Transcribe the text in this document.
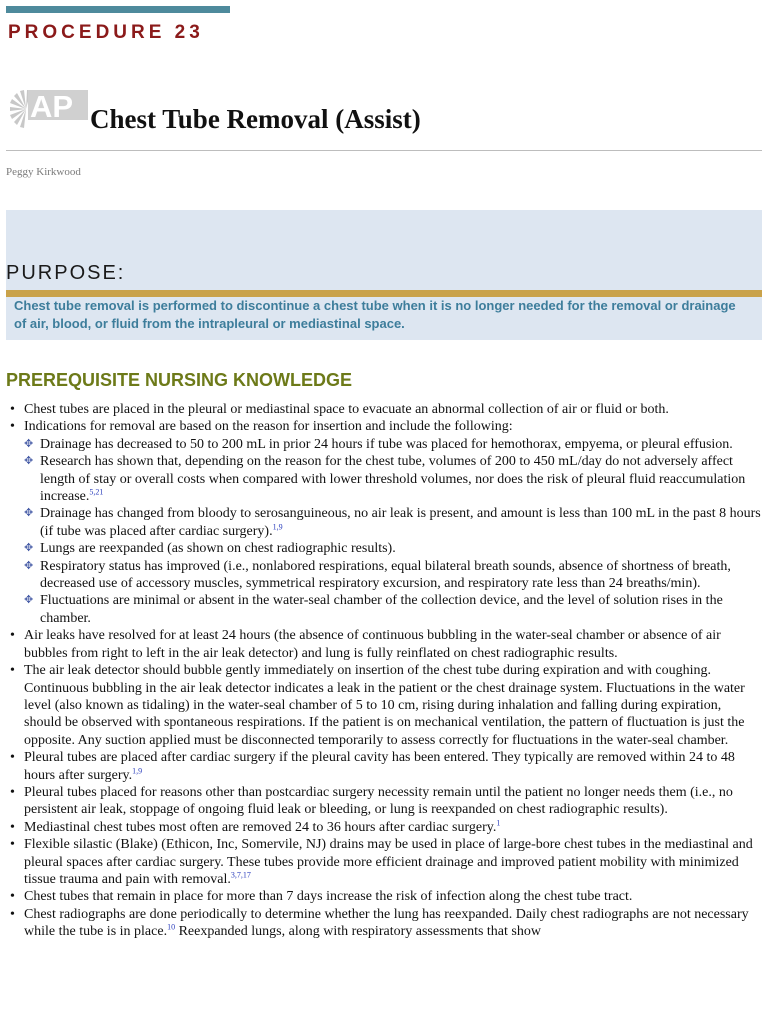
PROCEDURE 23
AP Chest Tube Removal (Assist)
Peggy Kirkwood
PURPOSE:

Chest tube removal is performed to discontinue a chest tube when it is no longer needed for the removal or drainage of air, blood, or fluid from the intrapleural or mediastinal space.

PREREQUISITE NURSING KNOWLEDGE
• Chest tubes are placed in the pleural or mediastinal space to evacuate an abnormal collection of air or fluid or both.
• Indications for removal are based on the reason for insertion and include the following:
✥ Drainage has decreased to 50 to 200 mL in prior 24 hours if tube was placed for hemothorax, empyema, or pleural effusion.
✥ Research has shown that, depending on the reason for the chest tube, volumes of 200 to 450 mL/day do not adversely affect length of stay or overall costs when compared with lower threshold volumes, nor does the risk of pleural fluid reaccumulation increase.$^{5,21}$
✥ Drainage has changed from bloody to serosanguineous, no air leak is present, and amount is less than 100 mL in the past 8 hours (if tube was placed after cardiac surgery).$^{1,9}$
✥ Lungs are reexpanded (as shown on chest radiographic results).
✥ Respiratory status has improved (i.e., nonlabored respirations, equal bilateral breath sounds, absence of shortness of breath, decreased use of accessory muscles, symmetrical respiratory excursion, and respiratory rate less than 24 breaths/min).
✥ Fluctuations are minimal or absent in the water-seal chamber of the collection device, and the level of solution rises in the chamber.
• Air leaks have resolved for at least 24 hours (the absence of continuous bubbling in the water-seal chamber or absence of air bubbles from right to left in the air leak detector) and lung is fully reinflated on chest radiographic results.
• The air leak detector should bubble gently immediately on insertion of the chest tube during expiration and with coughing. Continuous bubbling in the air leak detector indicates a leak in the patient or the chest drainage system. Fluctuations in the water level (also known as tidaling) in the water-seal chamber of 5 to 10 cm, rising during inhalation and falling during expiration, should be observed with spontaneous respirations. If the patient is on mechanical ventilation, the pattern of fluctuation is just the opposite. Any suction applied must be disconnected temporarily to assess correctly for fluctuations in the water-seal chamber.
• Pleural tubes are placed after cardiac surgery if the pleural cavity has been entered. They typically are removed within 24 to 48 hours after surgery.$^{1,9}$
• Pleural tubes placed for reasons other than postcardiac surgery necessity remain until the patient no longer needs them (i.e., no persistent air leak, stoppage of ongoing fluid leak or bleeding, or lung is reexpanded on chest radiographic results).
• Mediastinal chest tubes most often are removed 24 to 36 hours after cardiac surgery.$^1$
• Flexible silastic (Blake) (Ethicon, Inc, Somervile, NJ) drains may be used in place of large-bore chest tubes in the mediastinal and pleural spaces after cardiac surgery. These tubes provide more efficient drainage and improved patient mobility with minimized tissue trauma and pain with removal.$^{3,7,17}$
• Chest tubes that remain in place for more than 7 days increase the risk of infection along the chest tube tract.
• Chest radiographs are done periodically to determine whether the lung has reexpanded. Daily chest radiographs are not necessary while the tube is in place.$^{10}$ Reexpanded lungs, along with respiratory assessments that show
